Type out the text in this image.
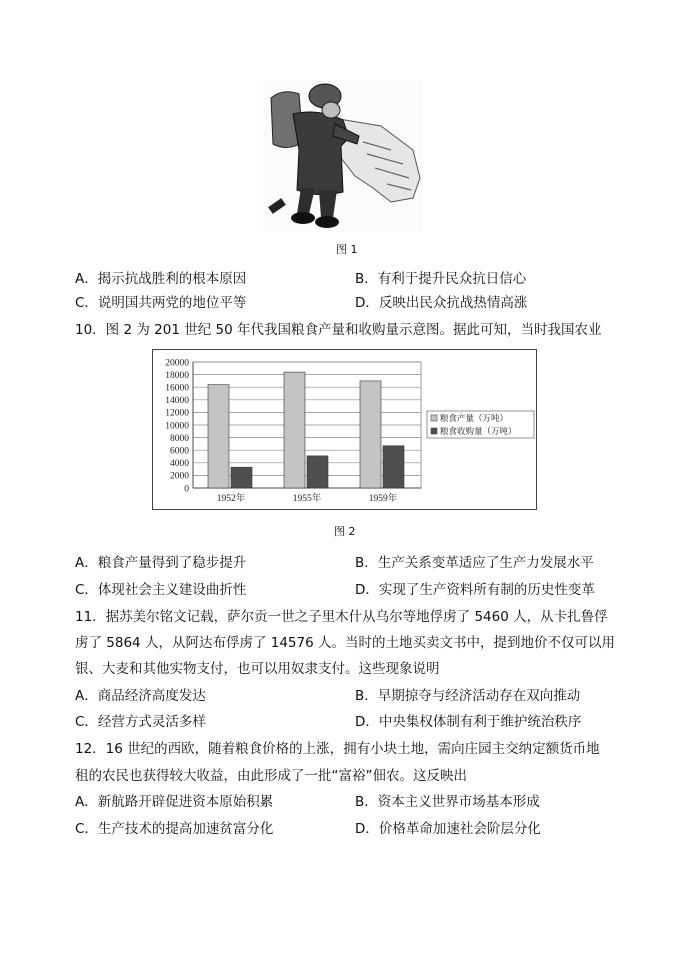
图 1
A．揭示抗战胜利的根本原因	B．有利于提升民众抗日信心
C．说明国共两党的地位平等	D．反映出民众抗战热情高涨
10．图 2 为 201 世纪 50 年代我国粮食产量和收购量示意图。据此可知，当时我国农业
20000
18000
16000
14000
12000
10000
8000
6000
4000
2000
0
1952年	1955年	1959年
粮食产量（万吨）
粮食收购量（万吨）
图 2
A．粮食产量得到了稳步提升	B．生产关系变革适应了生产力发展水平
C．体现社会主义建设曲折性	D．实现了生产资料所有制的历史性变革
11．据苏美尔铭文记载，萨尔贡一世之子里木什从乌尔等地俘虏了 5460 人，从卡扎鲁俘
虏了 5864 人，从阿达布俘虏了 14576 人。当时的土地买卖文书中，提到地价不仅可以用
银、大麦和其他实物支付，也可以用奴隶支付。这些现象说明
A．商品经济高度发达	B．早期掠夺与经济活动存在双向推动
C．经营方式灵活多样	D．中央集权体制有利于维护统治秩序
12．16 世纪的西欧，随着粮食价格的上涨，拥有小块土地，需向庄园主交纳定额货币地
租的农民也获得较大收益，由此形成了一批“富裕”佃农。这反映出
A．新航路开辟促进资本原始积累	B．资本主义世界市场基本形成
C．生产技术的提高加速贫富分化	D．价格革命加速社会阶层分化
